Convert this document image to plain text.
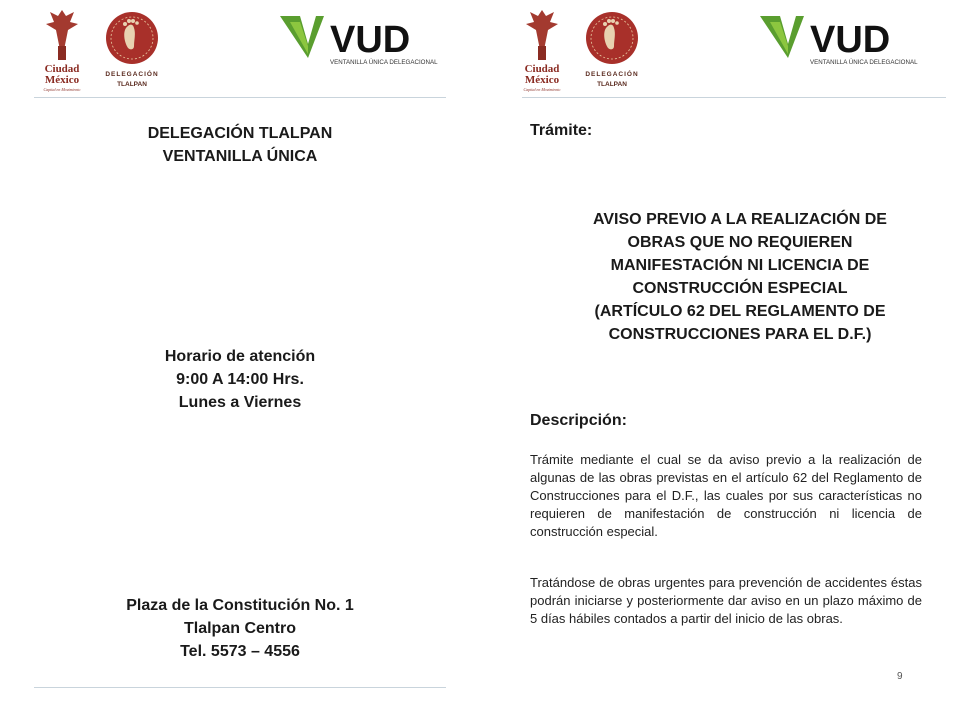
Ciudad
México
Capital en Movimiento
DELEGACIÓN
TLALPAN
VUD
VENTANILLA ÚNICA DELEGACIONAL
DELEGACIÓN TLALPAN
VENTANILLA ÚNICA
Horario de atención
9:00 A 14:00 Hrs.
Lunes a Viernes
Plaza de la Constitución No. 1
Tlalpan Centro
Tel. 5573 – 4556
Ciudad
México
Capital en Movimiento
DELEGACIÓN
TLALPAN
VUD
VENTANILLA ÚNICA DELEGACIONAL
Trámite:
AVISO PREVIO A LA REALIZACIÓN DE
OBRAS QUE NO REQUIEREN
MANIFESTACIÓN NI LICENCIA DE
CONSTRUCCIÓN ESPECIAL
(ARTÍCULO 62 DEL REGLAMENTO DE
CONSTRUCCIONES PARA EL D.F.)
Descripción:
Trámite mediante el cual se da aviso previo a la realización de algunas de las obras previstas en el artículo 62 del Reglamento de Construcciones para el D.F., las cuales por sus características no requieren de manifestación de construcción ni licencia de construcción especial.
Tratándose de obras urgentes para prevención de accidentes éstas podrán iniciarse y posteriormente dar aviso en un plazo máximo de 5 días hábiles contados a partir del inicio de las obras.
9
